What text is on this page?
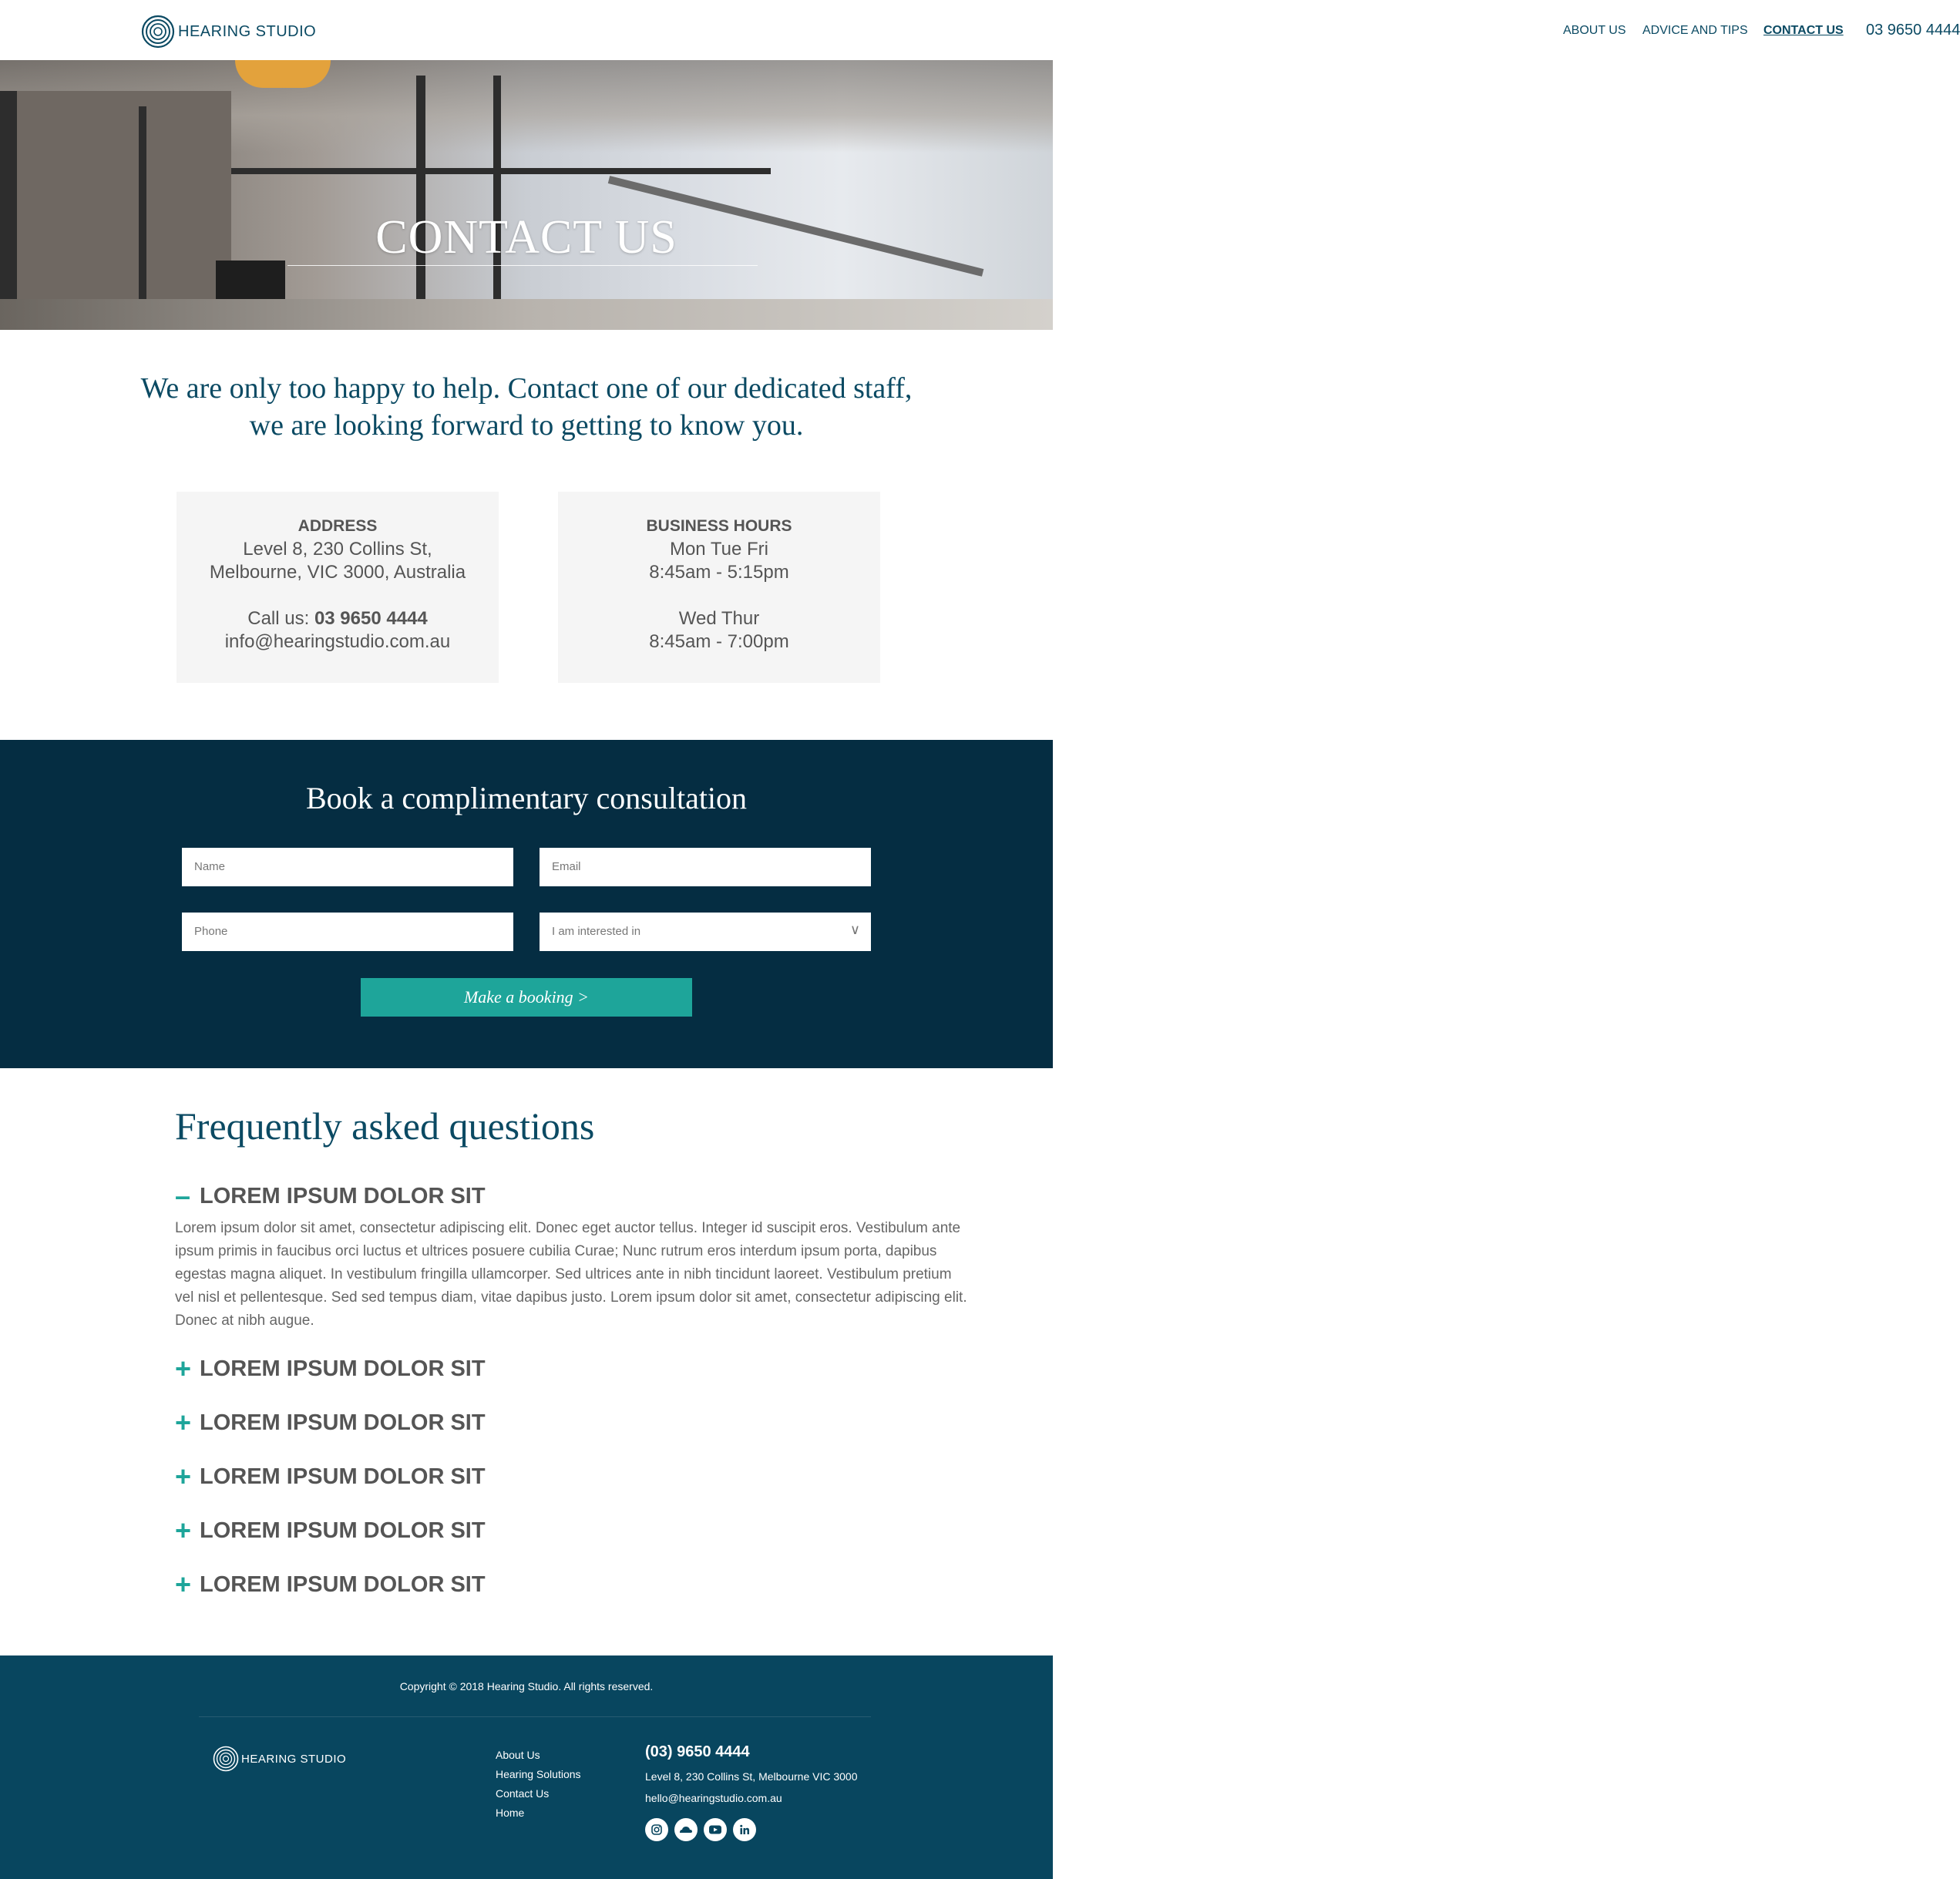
HEARING STUDIO	ABOUT US ADVICE AND TIPS CONTACT US 03 9650 4444
CONTACT US
We are only too happy to help. Contact one of our dedicated staff,
we are looking forward to getting to know you.
ADDRESS
Level 8, 230 Collins St,
Melbourne, VIC 3000, Australia
Call us: 03 9650 4444
info@hearingstudio.com.au
BUSINESS HOURS
Mon Tue Fri
8:45am - 5:15pm
Wed Thur
8:45am - 7:00pm
Book a complimentary consultation
Name	Email
Phone	I am interested in	∨
Make a booking >
Frequently asked questions
– LOREM IPSUM DOLOR SIT
Lorem ipsum dolor sit amet, consectetur adipiscing elit. Donec eget auctor tellus. Integer id suscipit eros. Vestibulum ante ipsum primis in faucibus orci luctus et ultrices posuere cubilia Curae; Nunc rutrum eros interdum ipsum porta, dapibus egestas magna aliquet. In vestibulum fringilla ullamcorper. Sed ultrices ante in nibh tincidunt laoreet. Vestibulum pretium vel nisl et pellentesque. Sed sed tempus diam, vitae dapibus justo. Lorem ipsum dolor sit amet, consectetur adipiscing elit. Donec at nibh augue.
+ LOREM IPSUM DOLOR SIT
+ LOREM IPSUM DOLOR SIT
+ LOREM IPSUM DOLOR SIT
+ LOREM IPSUM DOLOR SIT
+ LOREM IPSUM DOLOR SIT
Copyright © 2018 Hearing Studio. All rights reserved.
HEARING STUDIO	About Us
Hearing Solutions
Contact Us
Home
(03) 9650 4444
Level 8, 230 Collins St, Melbourne VIC 3000
hello@hearingstudio.com.au
